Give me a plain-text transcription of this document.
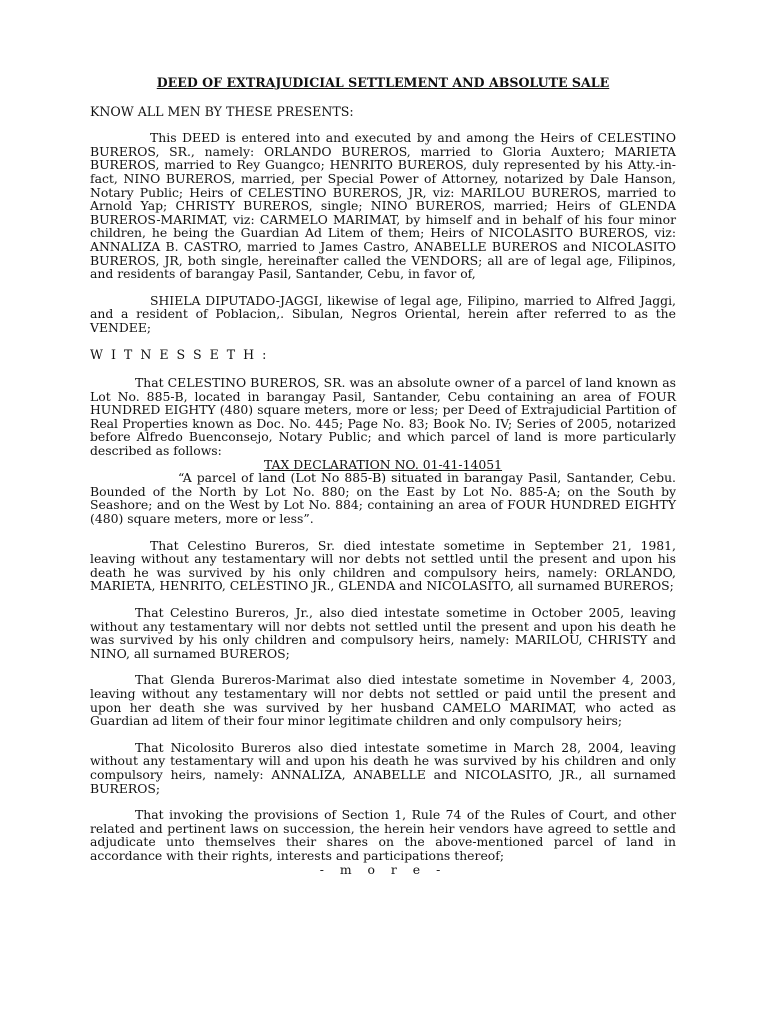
DEED OF EXTRAJUDICIAL SETTLEMENT AND ABSOLUTE SALE
KNOW ALL MEN BY THESE PRESENTS:

This DEED is entered into and executed by and among the Heirs of CELESTINO BUREROS, SR., namely: ORLANDO BUREROS, married to Gloria Auxtero; MARIETA BUREROS, married to Rey Guangco; HENRITO BUREROS, duly represented by his Atty.-in-fact, NINO BUREROS, married, per Special Power of Attorney, notarized by Dale Hanson, Notary Public; Heirs of CELESTINO BUREROS, JR, viz: MARILOU BUREROS, married to Arnold Yap; CHRISTY BUREROS, single; NINO BUREROS, married; Heirs of GLENDA BUREROS-MARIMAT, viz: CARMELO MARIMAT, by himself and in behalf of his four minor children, he being the Guardian Ad Litem of them; Heirs of NICOLASITO BUREROS, viz: ANNALIZA B. CASTRO, married to James Castro, ANABELLE BUREROS and NICOLASITO BUREROS, JR, both single, hereinafter called the VENDORS; all are of legal age, Filipinos, and residents of barangay Pasil, Santander, Cebu, in favor of,

SHIELA DIPUTADO-JAGGI, likewise of legal age, Filipino, married to Alfred Jaggi, and a resident of Poblacion,. Sibulan, Negros Oriental, herein after referred to as the VENDEE;

WITNESSETH:

That CELESTINO BUREROS, SR. was an absolute owner of a parcel of land known as Lot No. 885-B, located in barangay Pasil, Santander, Cebu containing an area of FOUR HUNDRED EIGHTY (480) square meters, more or less; per Deed of Extrajudicial Partition of Real Properties known as Doc. No. 445; Page No. 83; Book No. IV; Series of 2005, notarized before Alfredo Buenconsejo, Notary Public; and which parcel of land is more particularly described as follows:

TAX DECLARATION NO. 01-41-14051

“A parcel of land (Lot No 885-B) situated in barangay Pasil, Santander, Cebu. Bounded of the North by Lot No. 880; on the East by Lot No. 885-A; on the South by Seashore; and on the West by Lot No. 884; containing an area of FOUR HUNDRED EIGHTY (480) square meters, more or less”.

That Celestino Bureros, Sr. died intestate sometime in September 21, 1981, leaving without any testamentary will nor debts not settled until the present and upon his death he was survived by his only children and compulsory heirs, namely: ORLANDO, MARIETA, HENRITO, CELESTINO JR., GLENDA and NICOLASITO, all surnamed BUREROS;

That Celestino Bureros, Jr., also died intestate sometime in October 2005, leaving without any testamentary will nor debts not settled until the present and upon his death he was survived by his only children and compulsory heirs, namely: MARILOU, CHRISTY and NINO, all surnamed BUREROS;

That Glenda Bureros-Marimat also died intestate sometime in November 4, 2003, leaving without any testamentary will nor debts not settled or paid until the present and upon her death she was survived by her husband CAMELO MARIMAT, who acted as Guardian ad litem of their four minor legitimate children and only compulsory heirs;

That Nicolosito Bureros also died intestate sometime in March 28, 2004, leaving without any testamentary will and upon his death he was survived by his children and only compulsory heirs, namely: ANNALIZA, ANABELLE and NICOLASITO, JR., all surnamed BUREROS;

That invoking the provisions of Section 1, Rule 74 of the Rules of Court, and other related and pertinent laws on succession, the herein heir vendors have agreed to settle and adjudicate unto themselves their shares on the above-mentioned parcel of land in accordance with their rights, interests and participations thereof;

- m o r e -
